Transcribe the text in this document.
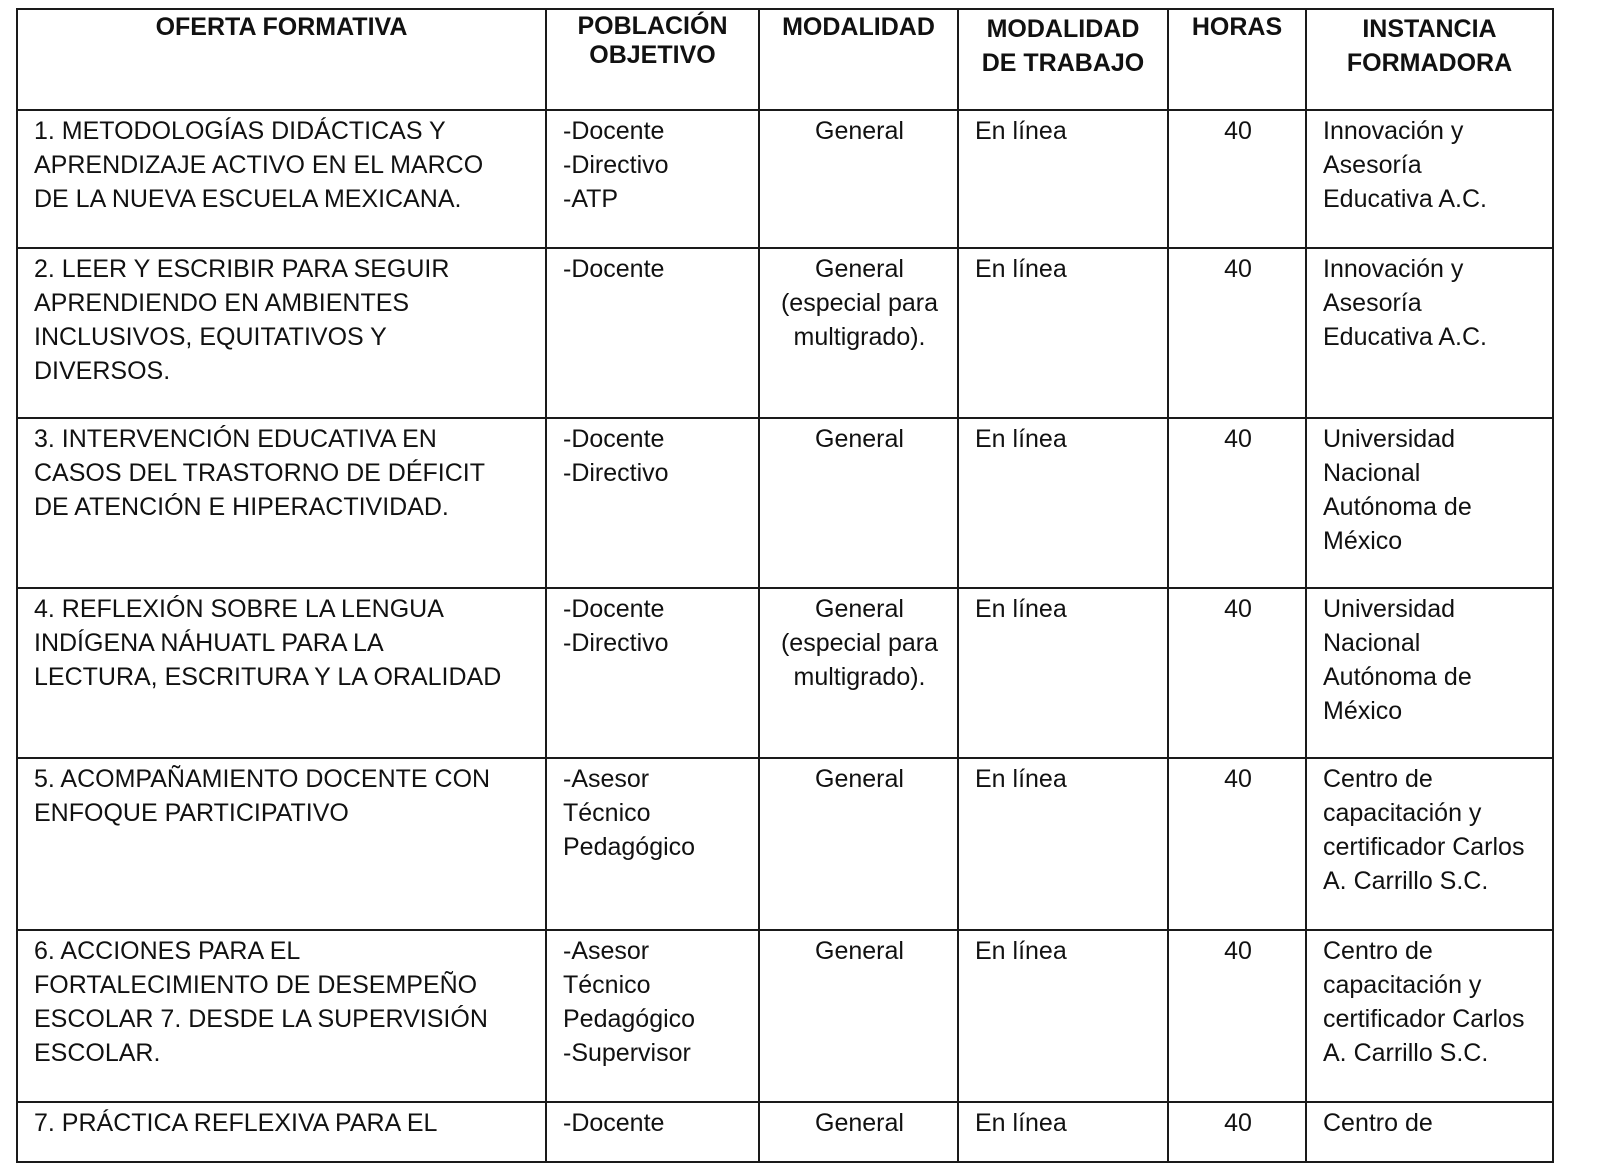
OFERTA FORMATIVA	POBLACIÓN
OBJETIVO	MODALIDAD	MODALIDAD
DE TRABAJO	HORAS	INSTANCIA
FORMADORA

1. METODOLOGÍAS DIDÁCTICAS Y
APRENDIZAJE ACTIVO EN EL MARCO
DE LA NUEVA ESCUELA MEXICANA.	-Docente
-Directivo
-ATP	General	En línea	40	Innovación y
Asesoría
Educativa A.C.

2. LEER Y ESCRIBIR PARA SEGUIR
APRENDIENDO EN AMBIENTES
INCLUSIVOS, EQUITATIVOS Y
DIVERSOS.	-Docente	General
(especial para
multigrado).	En línea	40	Innovación y
Asesoría
Educativa A.C.

3. INTERVENCIÓN EDUCATIVA EN
CASOS DEL TRASTORNO DE DÉFICIT
DE ATENCIÓN E HIPERACTIVIDAD.	-Docente
-Directivo	General	En línea	40	Universidad
Nacional
Autónoma de
México

4. REFLEXIÓN SOBRE LA LENGUA
INDÍGENA NÁHUATL PARA LA
LECTURA, ESCRITURA Y LA ORALIDAD	-Docente
-Directivo	General
(especial para
multigrado).	En línea	40	Universidad
Nacional
Autónoma de
México

5. ACOMPAÑAMIENTO DOCENTE CON
ENFOQUE PARTICIPATIVO	-Asesor
Técnico
Pedagógico	General	En línea	40	Centro de
capacitación y
certificador Carlos
A. Carrillo S.C.

6. ACCIONES PARA EL
FORTALECIMIENTO DE DESEMPEÑO
ESCOLAR 7. DESDE LA SUPERVISIÓN
ESCOLAR.	-Asesor
Técnico
Pedagógico
-Supervisor	General	En línea	40	Centro de
capacitación y
certificador Carlos
A. Carrillo S.C.

7. PRÁCTICA REFLEXIVA PARA EL	-Docente	General	En línea	40	Centro de
